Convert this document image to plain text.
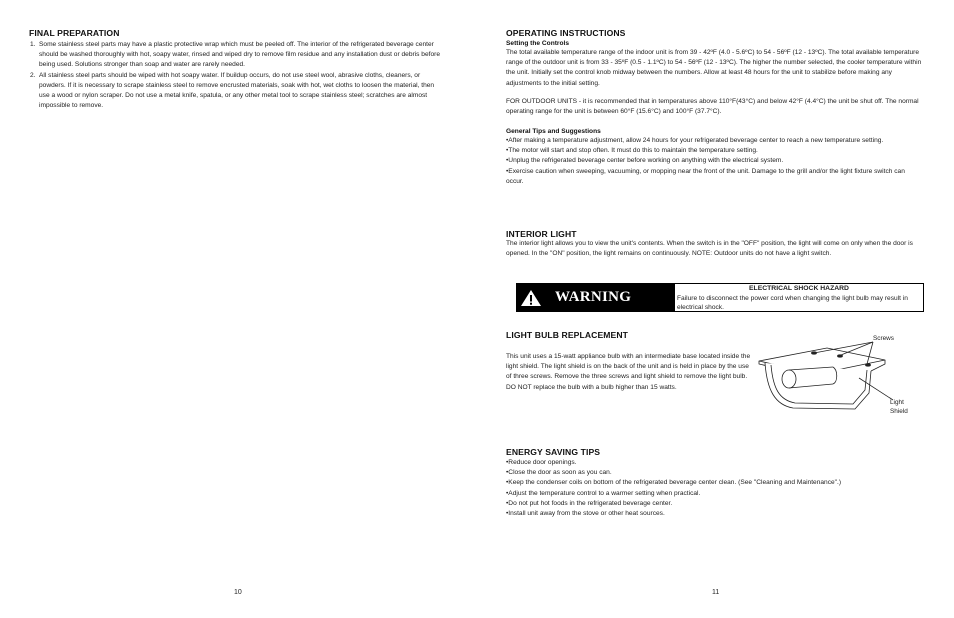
FINAL PREPARATION
1. Some stainless steel parts may have a plastic protective wrap which must be peeled off. The interior of the refrigerated beverage center should be washed thoroughly with hot, soapy water, rinsed and wiped dry to remove film residue and any installation dust or debris before being used. Solutions stronger than soap and water are rarely needed.
2. All stainless steel parts should be wiped with hot soapy water. If buildup occurs, do not use steel wool, abrasive cloths, cleaners, or powders. If it is necessary to scrape stainless steel to remove encrusted materials, soak with hot, wet cloths to loosen the material, then use a wood or nylon scraper. Do not use a metal knife, spatula, or any other metal tool to scrape stainless steel; scratches are almost impossible to remove.
10
OPERATING INSTRUCTIONS
Setting the Controls

The total available temperature range of the indoor unit is from 39 - 42ºF (4.0 - 5.6ºC) to 54 - 56ºF (12 - 13ºC). The total available temperature range of the outdoor unit is from 33 - 35ºF (0.5 - 1.1ºC) to 54 - 56ºF (12 - 13ºC). The higher the number selected, the cooler temperature within the unit. Initially set the control knob midway between the numbers. Allow at least 48 hours for the unit to stabilize before making any adjustments to the initial setting.

FOR OUTDOOR UNITS - it is recommended that in temperatures above 110°F(43°C) and below 42°F (4.4°C) the unit be shut off. The normal operating range for the unit is between 60°F (15.6°C) and 100°F (37.7°C).

General Tips and Suggestions

•After making a temperature adjustment, allow 24 hours for your refrigerated beverage center to reach a new temperature setting.

•The motor will start and stop often. It must do this to maintain the temperature setting.

•Unplug the refrigerated beverage center before working on anything with the electrical system.

•Exercise caution when sweeping, vacuuming, or mopping near the front of the unit. Damage to the grill and/or the light fixture switch can occur.

INTERIOR LIGHT

The interior light allows you to view the unit's contents. When the switch is in the "OFF" position, the light will come on only when the door is opened. In the "ON" position, the light remains on continuously. NOTE: Outdoor units do not have a light switch.

WARNING
ELECTRICAL SHOCK HAZARD
Failure to disconnect the power cord when changing the light bulb may result in electrical shock.
LIGHT BULB REPLACEMENT

This unit uses a 15-watt appliance bulb with an intermediate base located inside the light shield. The light shield is on the back of the unit and is held in place by the use of three screws. Remove the three screws and light shield to remove the light bulb. DO NOT replace the bulb with a bulb higher than 15 watts.

Screws
Light
Shield
ENERGY SAVING TIPS

•Reduce door openings.

•Close the door as soon as you can.

•Keep the condenser coils on bottom of the refrigerated beverage center clean. (See "Cleaning and Maintenance".)

•Adjust the temperature control to a warmer setting when practical.

•Do not put hot foods in the refrigerated beverage center.

•Install unit away from the stove or other heat sources.

11
